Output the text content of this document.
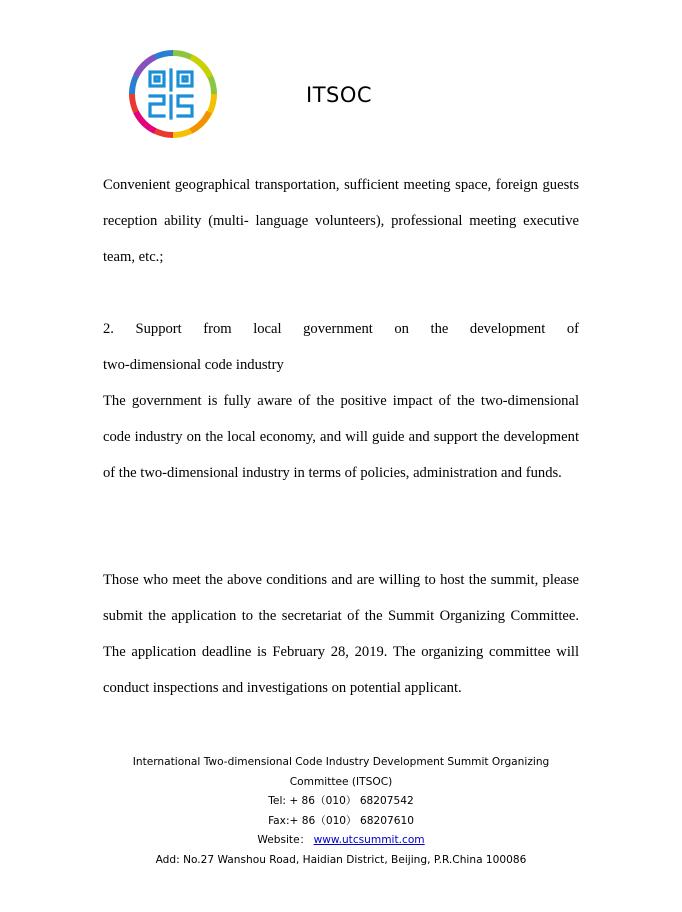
ITSOC

Convenient geographical transportation, sufficient meeting space, foreign guests reception ability (multi- language volunteers), professional meeting executive team, etc.;

2. Support from local government on the development of
two-dimensional code industry

The government is fully aware of the positive impact of the two-dimensional code industry on the local economy, and will guide and support the development of the two-dimensional industry in terms of policies, administration and funds.

Those who meet the above conditions and are willing to host the summit, please submit the application to the secretariat of the Summit Organizing Committee. The application deadline is February 28, 2019. The organizing committee will conduct inspections and investigations on potential applicant.

International Two-dimensional Code Industry Development Summit Organizing
Committee (ITSOC)
Tel: + 86（010） 68207542
Fax:+ 86（010） 68207610
Website： www.utcsummit.com
Add: No.27 Wanshou Road, Haidian District, Beijing, P.R.China 100086
